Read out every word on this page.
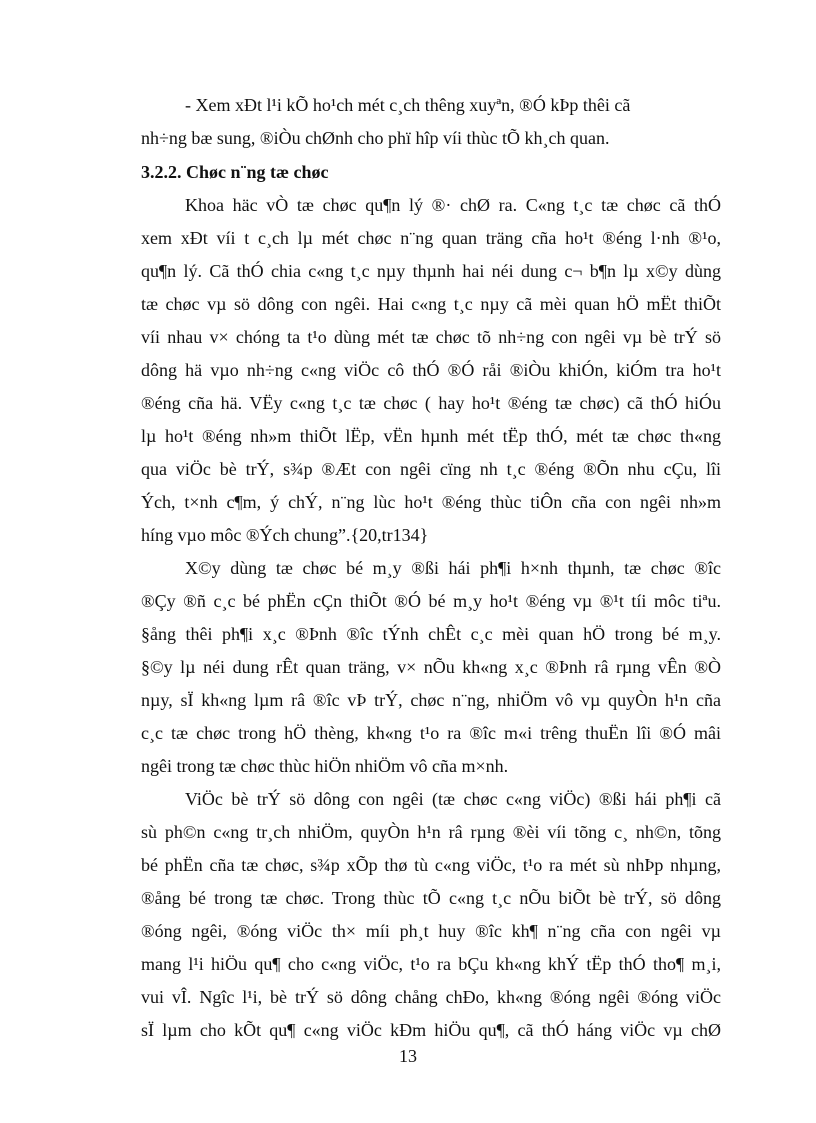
- Xem xÐt l¹i kÕ ho¹ch mét c¸ch thêng xuyªn, ®Ó kÞp thêi cã
nh÷ng bæ sung, ®iÒu chØnh cho phï hîp víi thùc tÕ kh¸ch quan.
3.2.2. Chøc n¨ng tæ chøc
Khoa häc vÒ tæ chøc qu¶n lý ®· chØ ra. C«ng t¸c tæ chøc cã thÓ
xem xÐt víi t c¸ch lµ mét chøc n¨ng quan träng cña ho¹t ®éng l·nh ®¹o,
qu¶n lý. Cã thÓ chia c«ng t¸c nµy thµnh hai néi dung c¬ b¶n lµ x©y dùng
tæ chøc vµ sö dông con ngêi. Hai c«ng t¸c nµy cã mèi quan hÖ mËt thiÕt
víi nhau v× chóng ta t¹o dùng mét tæ chøc tõ nh÷ng con ngêi vµ bè trÝ sö
dông hä vµo nh÷ng c«ng viÖc cô thÓ ®Ó råi ®iÒu khiÓn, kiÓm tra ho¹t
®éng cña hä. VËy c«ng t¸c tæ chøc ( hay ho¹t ®éng tæ chøc) cã thÓ hiÓu
lµ ho¹t ®éng nh»m thiÕt lËp, vËn hµnh mét tËp thÓ, mét tæ chøc th«ng
qua viÖc bè trÝ, s¾p ®Æt con ngêi cïng nh t¸c ®éng ®Õn nhu cÇu, lîi
Ých, t×nh c¶m, ý chÝ, n¨ng lùc ho¹t ®éng thùc tiÔn cña con ngêi nh»m
híng vµo môc ®Ých chung”.{20,tr134}
X©y dùng tæ chøc bé m¸y ®ßi hái ph¶i h×nh thµnh, tæ chøc ®îc
®Çy ®ñ c¸c bé phËn cÇn thiÕt ®Ó bé m¸y ho¹t ®éng vµ ®¹t tíi môc tiªu.
§ång thêi ph¶i x¸c ®Þnh ®îc tÝnh chÊt c¸c mèi quan hÖ trong bé m¸y.
§©y lµ néi dung rÊt quan träng, v× nÕu kh«ng x¸c ®Þnh râ rµng vÊn ®Ò
nµy, sÏ kh«ng lµm râ ®îc vÞ trÝ, chøc n¨ng, nhiÖm vô vµ quyÒn h¹n cña
c¸c tæ chøc trong hÖ thèng, kh«ng t¹o ra ®îc m«i trêng thuËn lîi ®Ó mâi
ngêi trong tæ chøc thùc hiÖn nhiÖm vô cña m×nh.
ViÖc bè trÝ sö dông con ngêi (tæ chøc c«ng viÖc) ®ßi hái ph¶i cã
sù ph©n c«ng tr¸ch nhiÖm, quyÒn h¹n râ rµng ®èi víi tõng c¸ nh©n, tõng
bé phËn cña tæ chøc, s¾p xÕp thø tù c«ng viÖc, t¹o ra mét sù nhÞp nhµng,
®ång bé trong tæ chøc. Trong thùc tÕ c«ng t¸c nÕu biÕt bè trÝ, sö dông
®óng ngêi, ®óng viÖc th× míi ph¸t huy ®îc kh¶ n¨ng cña con ngêi vµ
mang l¹i hiÖu qu¶ cho c«ng viÖc, t¹o ra bÇu kh«ng khÝ tËp thÓ tho¶ m¸i,
vui vÎ. Ngîc l¹i, bè trÝ sö dông chång chÐo, kh«ng ®óng ngêi ®óng viÖc
sÏ lµm cho kÕt qu¶ c«ng viÖc kÐm hiÖu qu¶, cã thÓ háng viÖc vµ chØ
13
